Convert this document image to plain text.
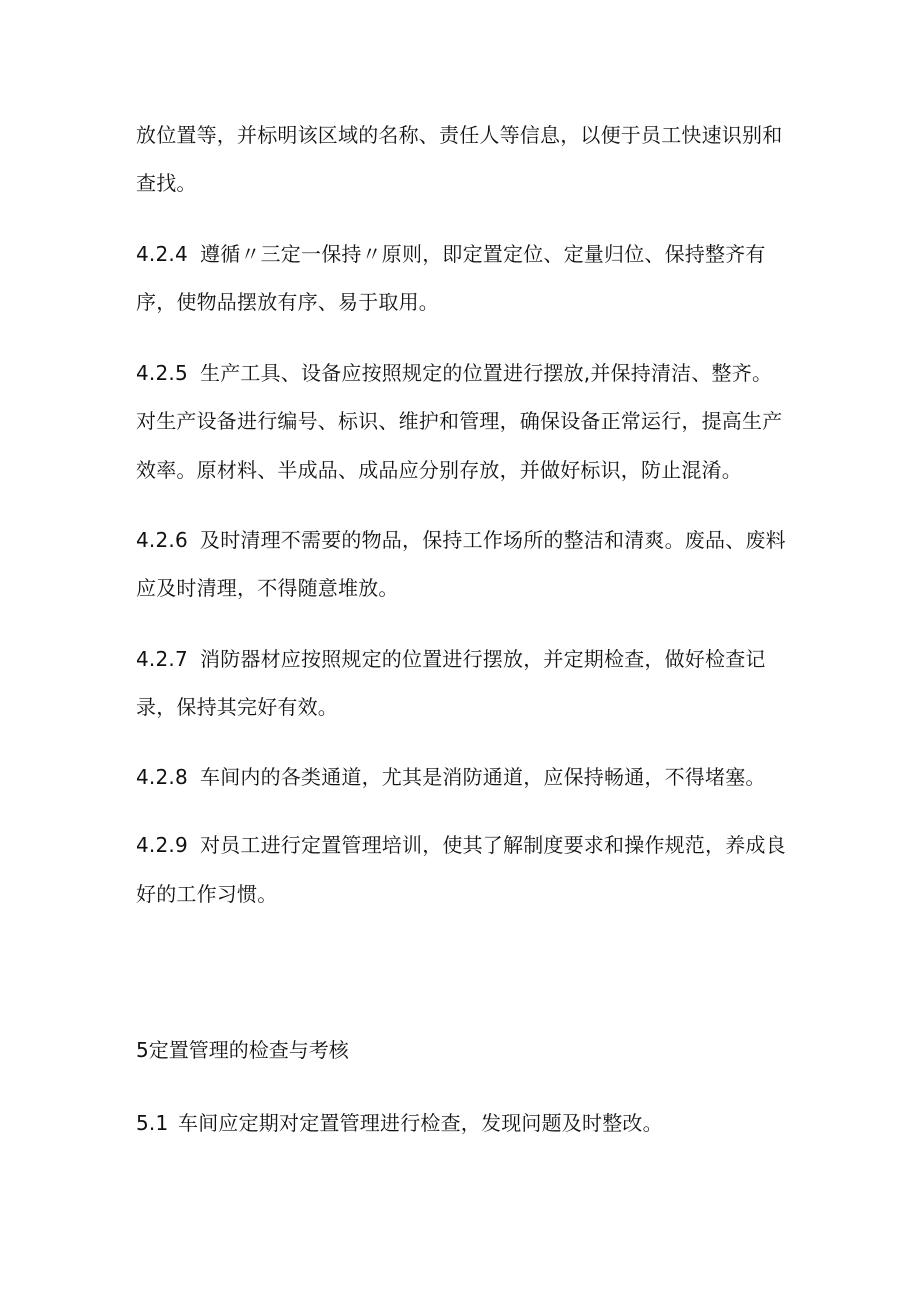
放位置等，并标明该区域的名称、责任人等信息，以便于员工快速识别和
查找。
4.2.4 遵循〃三定一保持〃原则，即定置定位、定量归位、保持整齐有
序，使物品摆放有序、易于取用。
4.2.5 生产工具、设备应按照规定的位置进行摆放,并保持清洁、整齐。
对生产设备进行编号、标识、维护和管理，确保设备正常运行，提高生产
效率。原材料、半成品、成品应分别存放，并做好标识，防止混淆。
4.2.6 及时清理不需要的物品，保持工作场所的整洁和清爽。废品、废料
应及时清理，不得随意堆放。
4.2.7 消防器材应按照规定的位置进行摆放，并定期检查，做好检查记
录，保持其完好有效。
4.2.8 车间内的各类通道，尤其是消防通道，应保持畅通，不得堵塞。
4.2.9 对员工进行定置管理培训，使其了解制度要求和操作规范，养成良
好的工作习惯。
5定置管理的检查与考核
5.1 车间应定期对定置管理进行检查，发现问题及时整改。
